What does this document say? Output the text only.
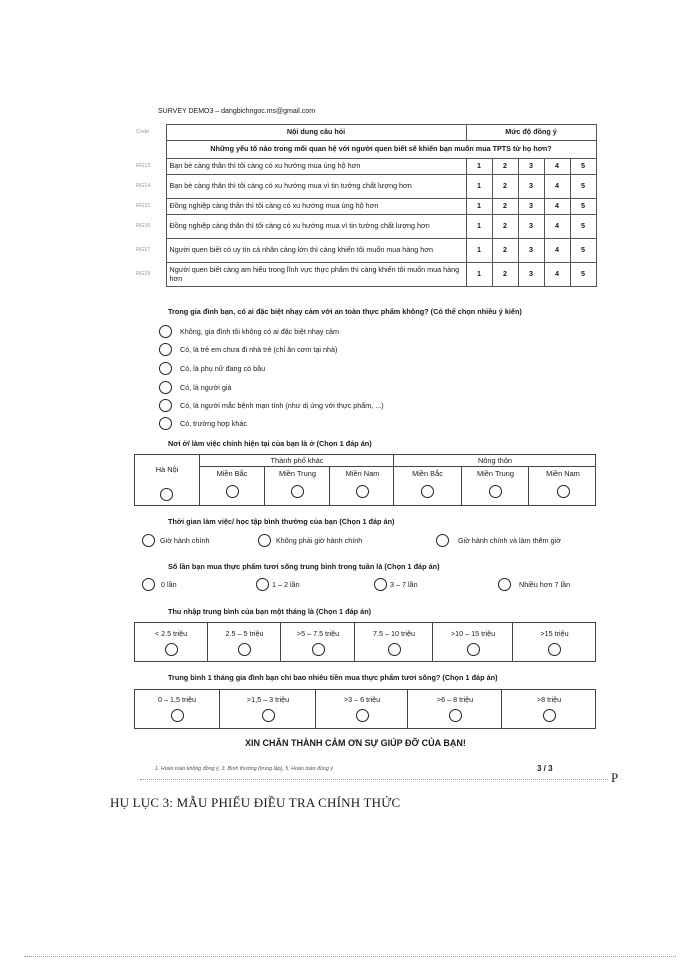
SURVEY DEMO3 – dangbichngoc.ms@gmail.com
Code	Nội dung câu hỏi	Mức độ đồng ý				
	Những yếu tố nào trong mối quan hệ với người quen biết sẽ khiến bạn muốn mua TPTS từ họ hơn?					
RG13	Bạn bè càng thân thì tôi càng có xu hướng mua ủng hộ hơn	1	2	3	4	5
RG14	Bạn bè càng thân thì tôi càng có xu hướng mua vì tin tưởng chất lượng hơn	1	2	3	4	5
RG15	Đồng nghiệp càng thân thì tôi càng có xu hướng mua ủng hộ hơn	1	2	3	4	5
RG16	Đồng nghiệp càng thân thì tôi càng có xu hướng mua vì tin tưởng chất lượng hơn	1	2	3	4	5
RG17	Người quen biết có uy tín cá nhân càng lớn thì càng khiến tôi muốn mua hàng hơn	1	2	3	4	5
RG18	Người quen biết càng am hiểu trong lĩnh vực thực phẩm thì càng khiến tôi muốn mua hàng hơn	1	2	3	4	5
Trong gia đình bạn, có ai đặc biệt nhạy cảm với an toàn thực phẩm không? (Có thể chọn nhiều ý kiến)
Không, gia đình tôi không có ai đặc biệt nhạy cảm
Có, là trẻ em chưa đi nhà trẻ (chỉ ăn cơm tại nhà)
Có, là phụ nữ đang có bầu
Có, là người già
Có, là người mắc bệnh mạn tính (như dị ứng với thực phẩm, ...)
Có, trường hợp khác
Nơi ở/ làm việc chính hiện tại của bạn là ở (Chọn 1 đáp án)
Hà Nội
Thành phố khác
Miền Bắc	Miền Trung	Miền Nam
Nông thôn
Miền Bắc	Miền Trung	Miền Nam
Thời gian làm việc/ học tập bình thường của bạn (Chọn 1 đáp án)
Giờ hành chính	Không phải giờ hành chính	Giờ hành chính và làm thêm giờ
Số lần bạn mua thực phẩm tươi sống trung bình trong tuần là (Chọn 1 đáp án)
0 lần	1 – 2 lần	3 – 7 lần	Nhiều hơn 7 lần
Thu nhập trung bình của bạn một tháng là (Chọn 1 đáp án)
< 2.5 triệu	2.5 – 5 triệu	>5 – 7.5 triệu	7.5 – 10 triệu	>10 – 15 triệu	>15 triệu
Trung bình 1 tháng gia đình bạn chi bao nhiêu tiền mua thực phẩm tươi sống? (Chọn 1 đáp án)
0 – 1,5 triệu	>1,5 – 3 triệu	>3 – 6 triệu	>6 – 8 triệu	>8 triệu
XIN CHÂN THÀNH CẢM ƠN SỰ GIÚP ĐỠ CỦA BẠN!
1. Hoàn toàn không đồng ý, 3. Bình thường (trung lập), 5. Hoàn toàn đồng ý	3 / 3
P
HỤ LỤC 3: MẪU PHIẾU ĐIỀU TRA CHÍNH THỨC
